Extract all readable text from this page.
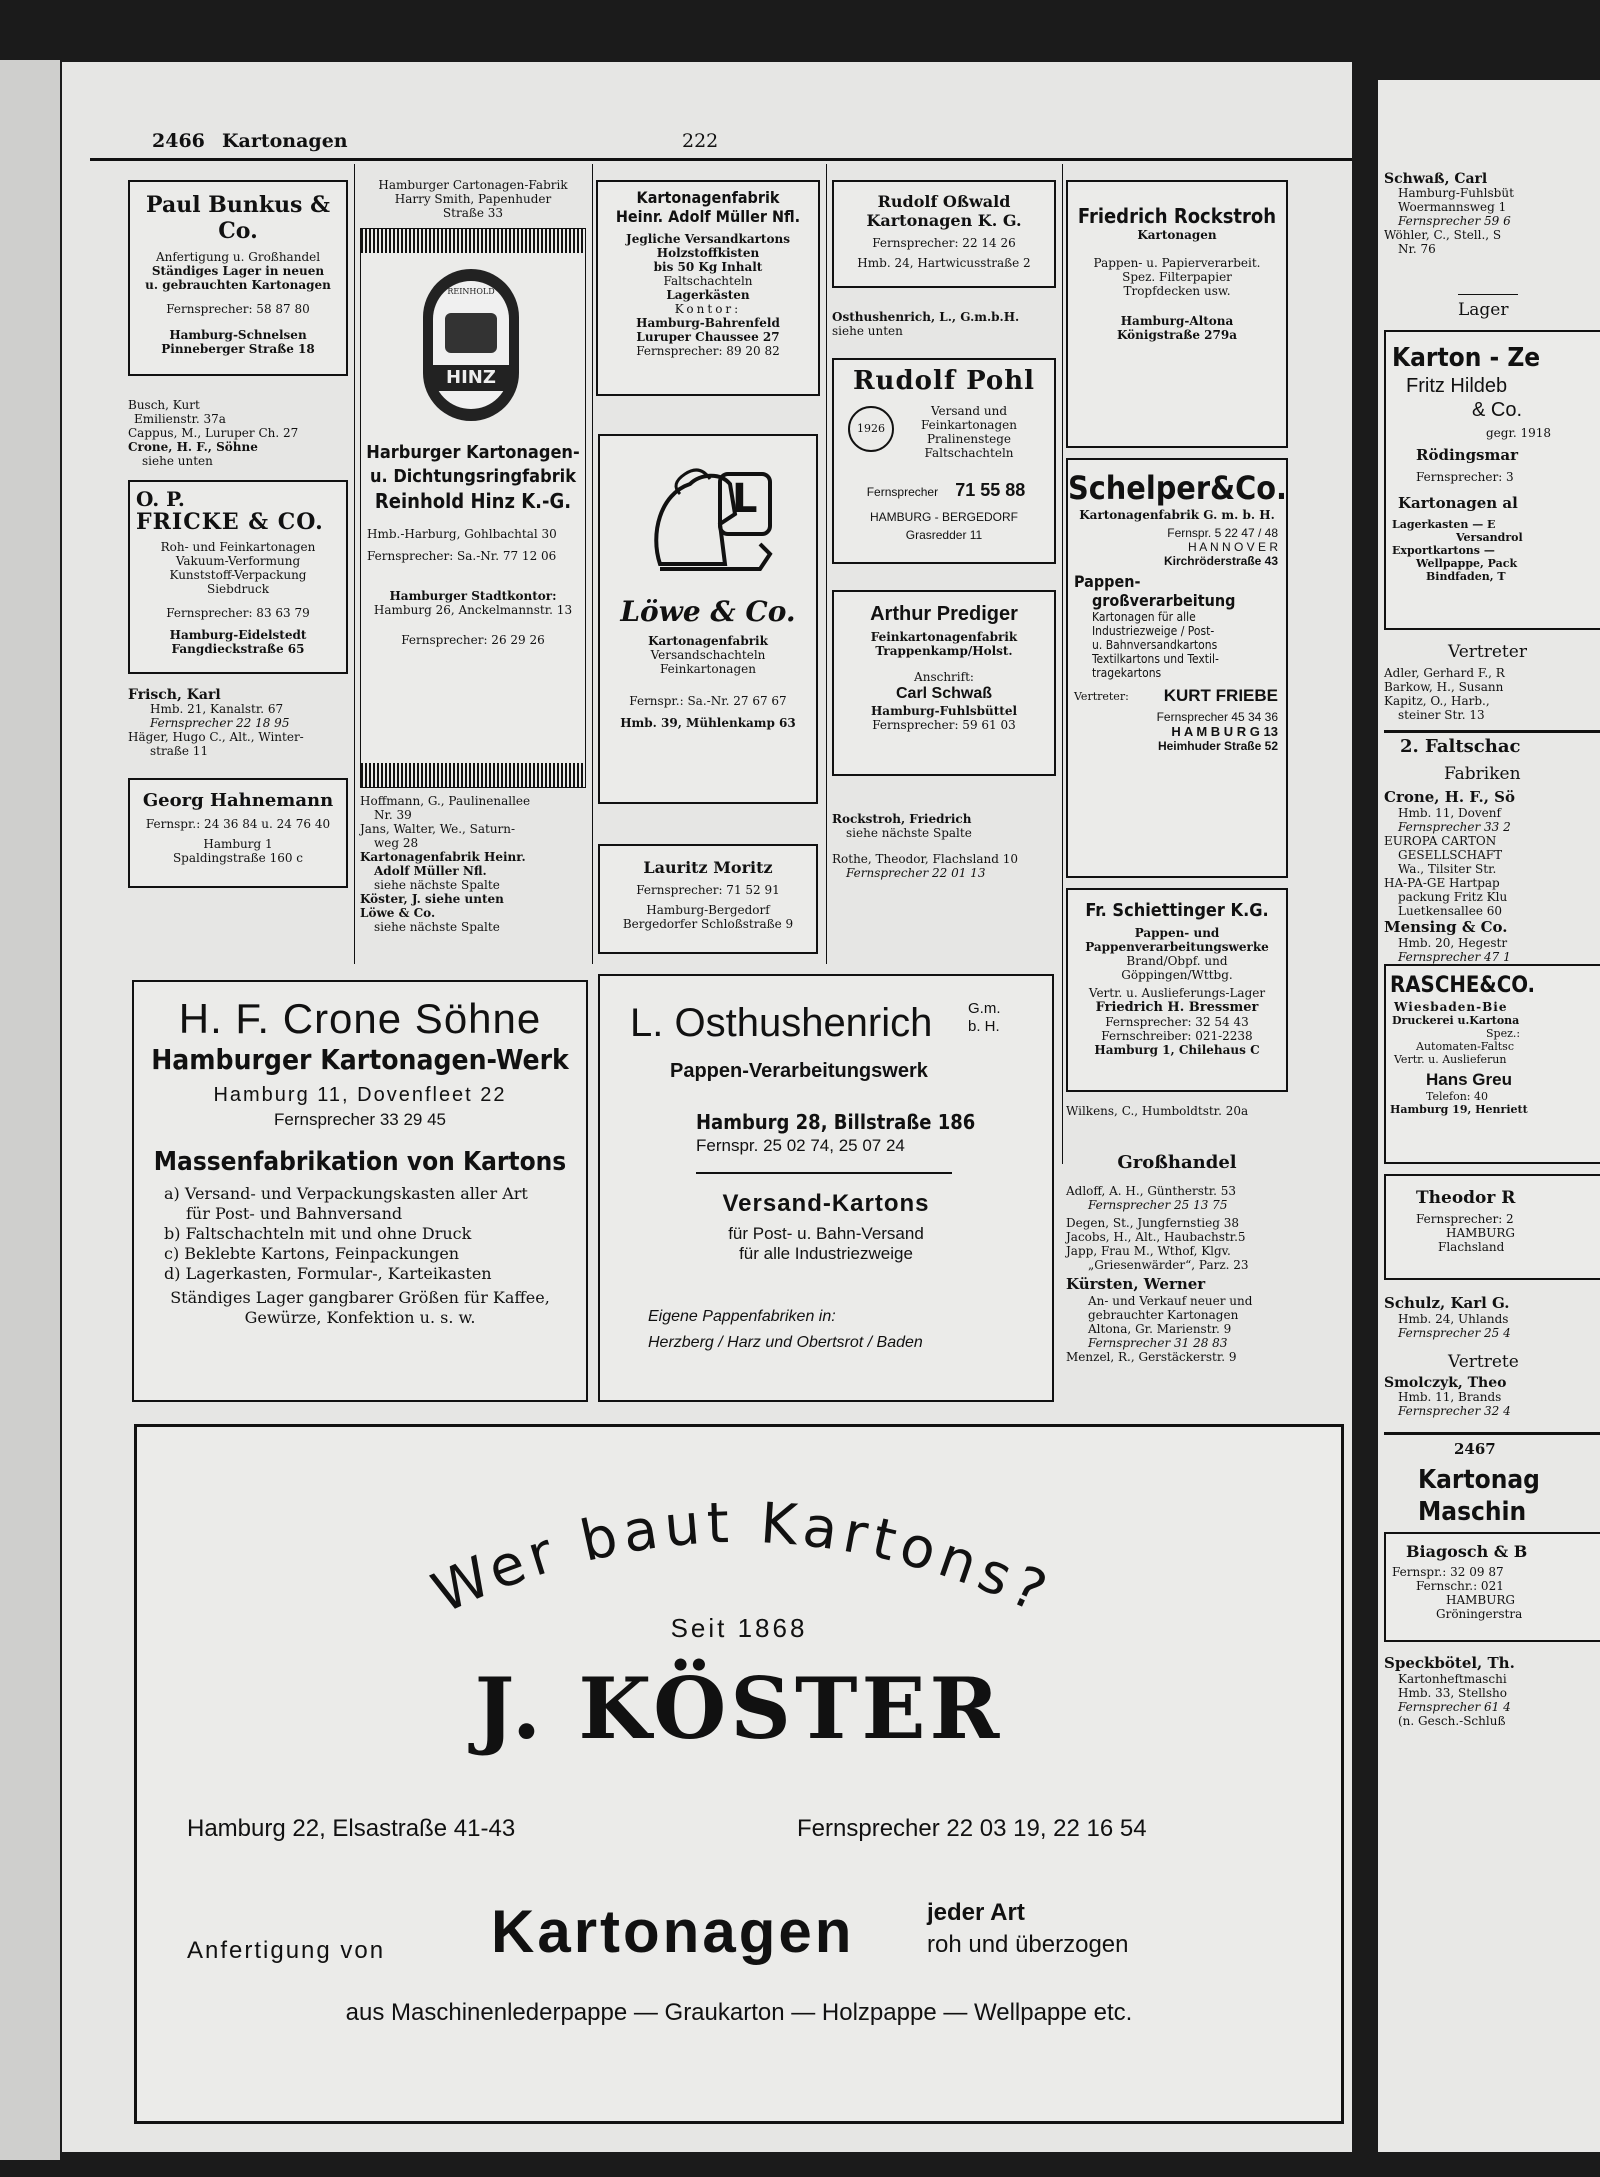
2466 Kartonagen	222
Paul Bunkus & Co.
Anfertigung u. Großhandel
Ständiges Lager in neuen
u. gebrauchten Kartonagen
Fernsprecher: 58 87 80
Hamburg-Schnelsen
Pinneberger Straße 18
Busch, Kurt
Emilienstr. 37a
Cappus, M., Luruper Ch. 27
Crone, H. F., Söhne
siehe unten
O. P.
FRICKE & CO.
Roh- und Feinkartonagen
Vakuum-Verformung
Kunststoff-Verpackung
Siebdruck
Fernsprecher: 83 63 79
Hamburg-Eidelstedt
Fangdieckstraße 65
Frisch, Karl
Hmb. 21, Kanalstr. 67
Fernsprecher 22 18 95
Häger, Hugo C., Alt., Winter-
straße 11
Georg Hahnemann
Fernspr.: 24 36 84 u. 24 76 40
Hamburg 1
Spaldingstraße 160 c
Hamburger Cartonagen-Fabrik
Harry Smith, Papenhuder
Straße 33
HINZ
REINHOLD
Harburger Kartonagen-
u. Dichtungsringfabrik
Reinhold Hinz K.-G.
Hmb.-Harburg, Gohlbachtal 30
Fernsprecher: Sa.-Nr. 77 12 06
Hamburger Stadtkontor:
Hamburg 26, Anckelmannstr. 13
Fernsprecher: 26 29 26
Hoffmann, G., Paulinenallee
Nr. 39
Jans, Walter, We., Saturn-
weg 28
Kartonagenfabrik Heinr.
Adolf Müller Nfl.
siehe nächste Spalte
Köster, J. siehe unten
Löwe & Co.
siehe nächste Spalte
Kartonagenfabrik
Heinr. Adolf Müller Nfl.
Jegliche Versandkartons
Holzstoffkisten
bis 50 Kg Inhalt
Faltschachteln
Lagerkästen
Kontor:
Hamburg-Bahrenfeld
Luruper Chaussee 27
Fernsprecher: 89 20 82
L
Löwe & Co.
Kartonagenfabrik
Versandschachteln
Feinkartonagen
Fernspr.: Sa.-Nr. 27 67 67
Hmb. 39, Mühlenkamp 63
Lauritz Moritz
Fernsprecher: 71 52 91
Hamburg-Bergedorf
Bergedorfer Schloßstraße 9
Rudolf Oßwald
Kartonagen K. G.
Fernsprecher: 22 14 26
Hmb. 24, Hartwicusstraße 2
Osthushenrich, L., G.m.b.H.
siehe unten
Rudolf Pohl
1926
Versand und
Feinkartonagen
Pralinenstege
Faltschachteln
Fernsprecher 71 55 88
HAMBURG - BERGEDORF
Grasredder 11
Arthur Prediger
Feinkartonagenfabrik
Trappenkamp/Holst.
Anschrift:
Carl Schwaß
Hamburg-Fuhlsbüttel
Fernsprecher: 59 61 03
Rockstroh, Friedrich
siehe nächste Spalte
Rothe, Theodor, Flachsland 10
Fernsprecher 22 01 13
Friedrich Rockstroh
Kartonagen
Pappen- u. Papierverarbeit.
Spez. Filterpapier
Tropfdecken usw.
Hamburg-Altona
Königstraße 279a
Schelper&Co.
Kartonagenfabrik G. m. b. H.
Fernspr. 5 22 47 / 48
H A N N O V E R
Kirchröderstraße 43
Pappen-
großverarbeitung
Kartonagen für alle
Industriezweige / Post-
u. Bahnversandkartons
Textilkartons und Textil-
tragekartons
Vertreter: KURT FRIEBE
Fernsprecher 45 34 36
H A M B U R G 13
Heimhuder Straße 52
Fr. Schiettinger K.G.
Pappen- und
Pappenverarbeitungswerke
Brand/Obpf. und
Göppingen/Wttbg.
Vertr. u. Auslieferungs-Lager
Friedrich H. Bressmer
Fernsprecher: 32 54 43
Fernschreiber: 021-2238
Hamburg 1, Chilehaus C
Wilkens, C., Humboldtstr. 20a
Großhandel
Adloff, A. H., Güntherstr. 53
Fernsprecher 25 13 75
Degen, St., Jungfernstieg 38
Jacobs, H., Alt., Haubachstr.5
Japp, Frau M., Wthof, Klgv.
„Griesenwärder“, Parz. 23
Kürsten, Werner
An- und Verkauf neuer und
gebrauchter Kartonagen
Altona, Gr. Marienstr. 9
Fernsprecher 31 28 83
Menzel, R., Gerstäckerstr. 9
H. F. Crone Söhne
Hamburger Kartonagen-Werk
Hamburg 11, Dovenfleet 22
Fernsprecher 33 29 45
Massenfabrikation von Kartons
a) Versand- und Verpackungskasten aller Art
für Post- und Bahnversand
b) Faltschachteln mit und ohne Druck
c) Beklebte Kartons, Feinpackungen
d) Lagerkasten, Formular-, Karteikasten
Ständiges Lager gangbarer Größen für Kaffee,
Gewürze, Konfektion u. s. w.
L. Osthushenrich G.m.
b. H.
Pappen-Verarbeitungswerk
Hamburg 28, Billstraße 186
Fernspr. 25 02 74, 25 07 24
Versand-Kartons
für Post- u. Bahn-Versand
für alle Industriezweige
Eigene Pappenfabriken in:
Herzberg / Harz und Obertsrot / Baden
Wer baut Kartons?
Seit 1868
J. KÖSTER
Hamburg 22, Elsastraße 41-43	Fernsprecher 22 03 19, 22 16 54
Anfertigung von Kartonagen	jeder Art
roh und überzogen
aus Maschinenlederpappe — Graukarton — Holzpappe — Wellpappe etc.
Schwaß, Carl
Hamburg-Fuhlsbüt
Woermannsweg 1
Fernsprecher 59 6
Wöhler, C., Stell., S
Nr. 76
Lager
Karton - Ze
Fritz Hildeb
& Co.
gegr. 1918
Rödingsmar
Fernsprecher: 3
Kartonagen al
Lagerkasten — E
Versandrol
Exportkartons —
Wellpappe, Pack
Bindfaden, T
Vertreter
Adler, Gerhard F., R
Barkow, H., Susann
Kapitz, O., Harb.,
steiner Str. 13
2. Faltschac
Fabriken
Crone, H. F., Sö
Hmb. 11, Dovenf
Fernsprecher 33 2
EUROPA CARTON
GESELLSCHAFT
Wa., Tilsiter Str.
HA-PA-GE Hartpap
packung Fritz Klu
Luetkensallee 60
Mensing & Co.
Hmb. 20, Hegestr
Fernsprecher 47 1
RASCHE&CO.
Wiesbaden-Bie
Druckerei u.Kartona
Spez.:
Automaten-Faltsc
Vertr. u. Auslieferun
Hans Greu
Telefon: 40
Hamburg 19, Henriett
Theodor R
Fernsprecher: 2
HAMBURG
Flachsland
Schulz, Karl G.
Hmb. 24, Uhlands
Fernsprecher 25 4
Vertrete
Smolczyk, Theo
Hmb. 11, Brands
Fernsprecher 32 4
2467
Kartonag
Maschin
Biagosch & B
Fernspr.: 32 09 87
Fernschr.: 021
HAMBURG
Gröningerstra
Speckbötel, Th.
Kartonheftmaschi
Hmb. 33, Stellsho
Fernsprecher 61 4
(n. Gesch.-Schluß
